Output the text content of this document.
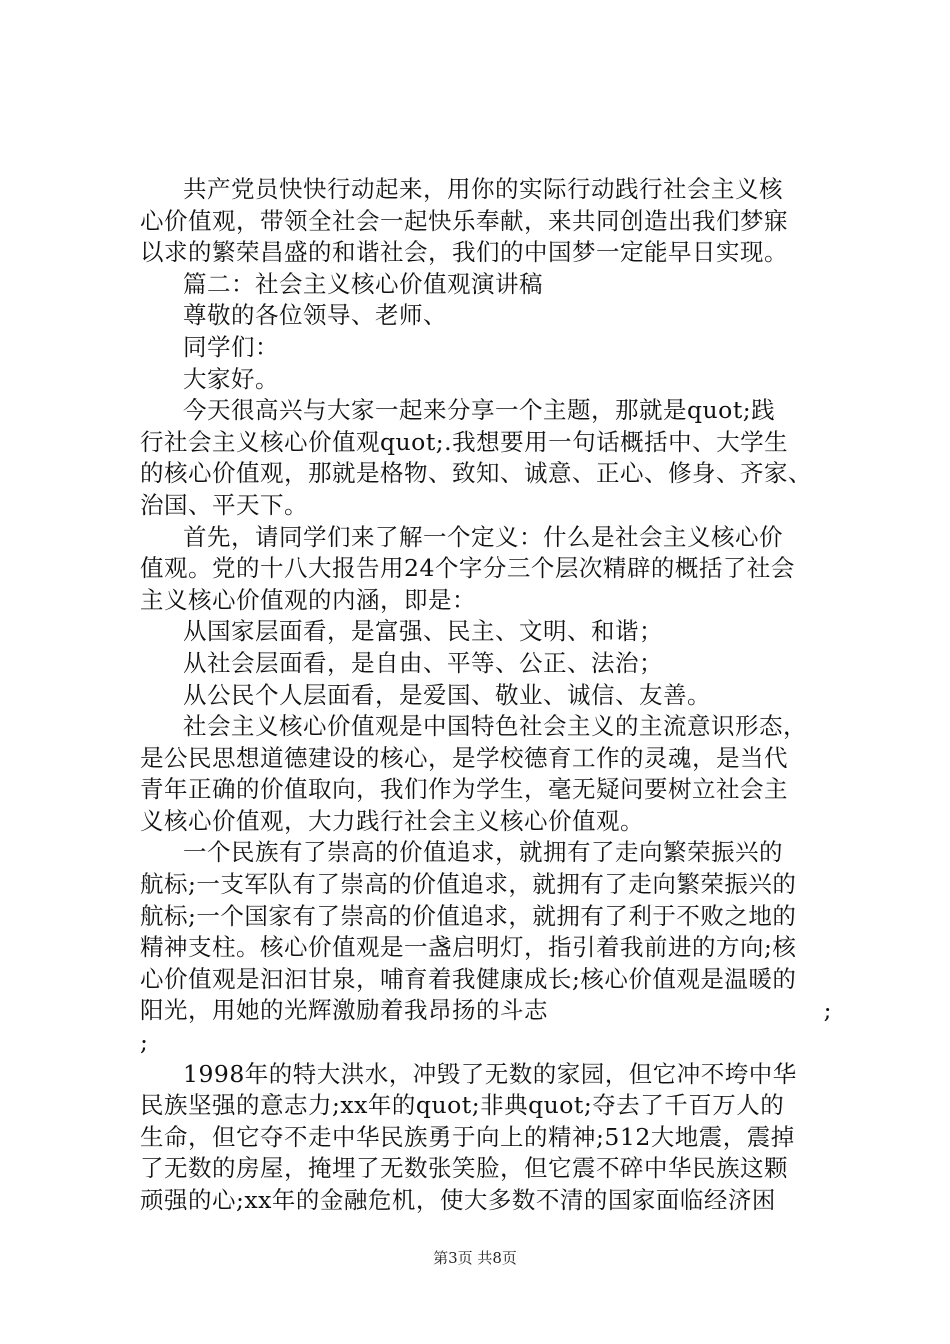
共产党员快快行动起来，用你的实际行动践行社会主义核
心价值观，带领全社会一起快乐奉献，来共同创造出我们梦寐
以求的繁荣昌盛的和谐社会，我们的中国梦一定能早日实现。
篇二：社会主义核心价值观演讲稿
尊敬的各位领导、老师、
同学们：
大家好。
今天很高兴与大家一起来分享一个主题，那就是quot;践
行社会主义核心价值观quot;.我想要用一句话概括中、大学生
的核心价值观，那就是格物、致知、诚意、正心、修身、齐家、
治国、平天下。
首先，请同学们来了解一个定义：什么是社会主义核心价
值观。党的十八大报告用24个字分三个层次精辟的概括了社会
主义核心价值观的内涵，即是：
从国家层面看，是富强、民主、文明、和谐；
从社会层面看，是自由、平等、公正、法治；
从公民个人层面看，是爱国、敬业、诚信、友善。
社会主义核心价值观是中国特色社会主义的主流意识形态，
是公民思想道德建设的核心，是学校德育工作的灵魂，是当代
青年正确的价值取向，我们作为学生，毫无疑问要树立社会主
义核心价值观，大力践行社会主义核心价值观。
一个民族有了崇高的价值追求，就拥有了走向繁荣振兴的
航标;一支军队有了崇高的价值追求，就拥有了走向繁荣振兴的
航标;一个国家有了崇高的价值追求，就拥有了利于不败之地的
精神支柱。核心价值观是一盏启明灯，指引着我前进的方向;核
心价值观是汩汩甘泉，哺育着我健康成长;核心价值观是温暖的
阳光，用她的光辉激励着我昂扬的斗志	;
;
1998年的特大洪水，冲毁了无数的家园，但它冲不垮中华
民族坚强的意志力;xx年的quot;非典quot;夺去了千百万人的
生命，但它夺不走中华民族勇于向上的精神;512大地震，震掉
了无数的房屋，掩埋了无数张笑脸，但它震不碎中华民族这颗
顽强的心;xx年的金融危机，使大多数不清的国家面临经济困
第3页 共8页
